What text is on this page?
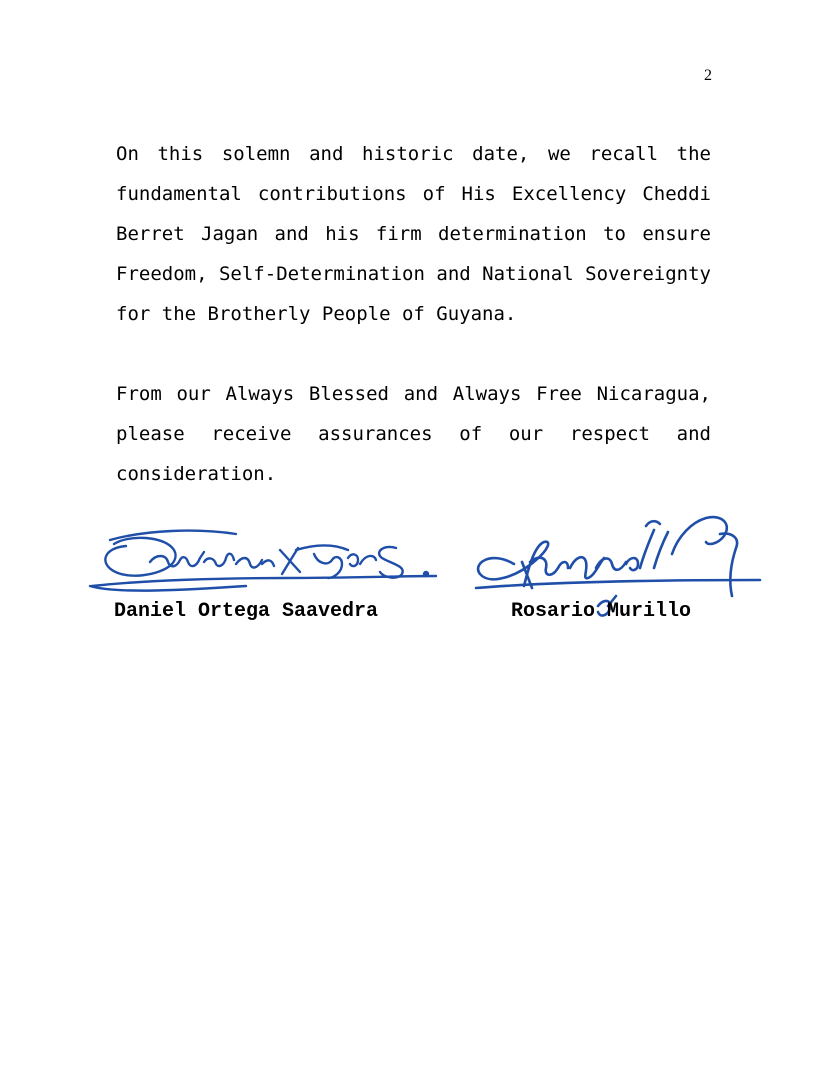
2

On this solemn and historic date, we recall the fundamental contributions of His Excellency Cheddi Berret Jagan and his firm determination to ensure Freedom, Self-Determination and National Sovereignty for the Brotherly People of Guyana.

From our Always Blessed and Always Free Nicaragua, please receive assurances of our respect and consideration.

Daniel Ortega Saavedra	Rosario Murillo
